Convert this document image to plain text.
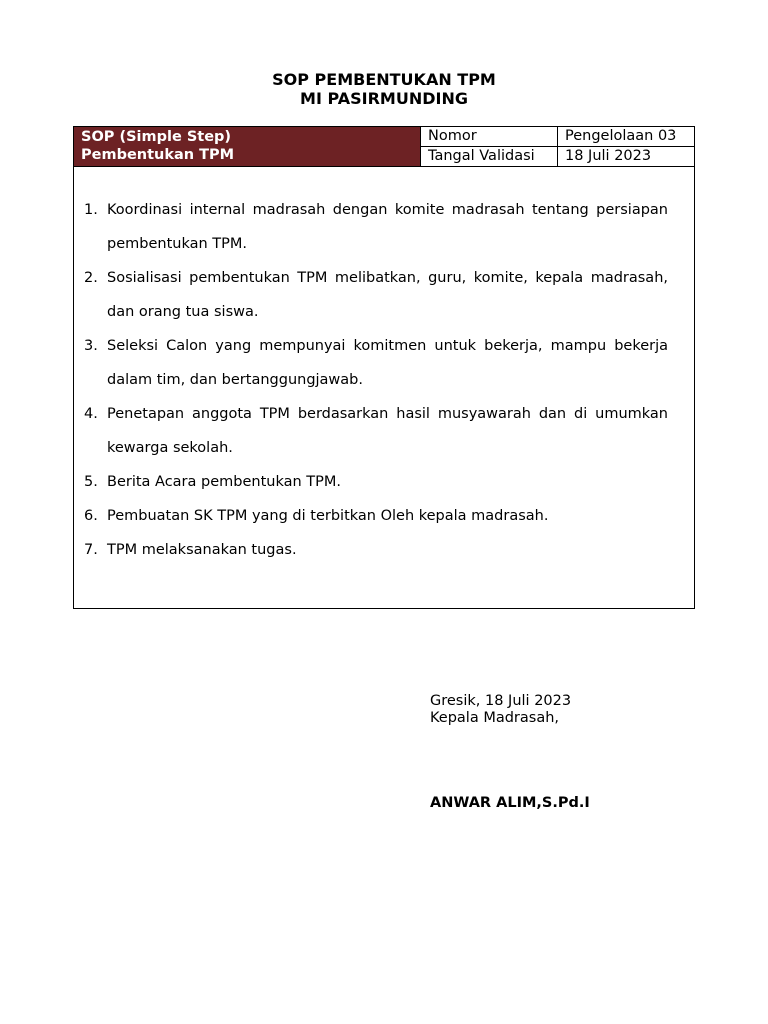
SOP PEMBENTUKAN TPM
MI PASIRMUNDING
SOP (Simple Step)
Pembentukan TPM
Nomor	Pengelolaan 03
Tangal Validasi	18 Juli 2023
1. Koordinasi internal madrasah dengan komite madrasah tentang persiapan pembentukan TPM.
2. Sosialisasi pembentukan TPM melibatkan, guru, komite, kepala madrasah, dan orang tua siswa.
3. Seleksi Calon yang mempunyai komitmen untuk bekerja, mampu bekerja dalam tim, dan bertanggungjawab.
4. Penetapan anggota TPM berdasarkan hasil musyawarah dan di umumkan kewarga sekolah.
5. Berita Acara pembentukan TPM.
6. Pembuatan SK TPM yang di terbitkan Oleh kepala madrasah.
7. TPM melaksanakan tugas.
Gresik, 18 Juli 2023
Kepala Madrasah,
ANWAR ALIM,S.Pd.I
